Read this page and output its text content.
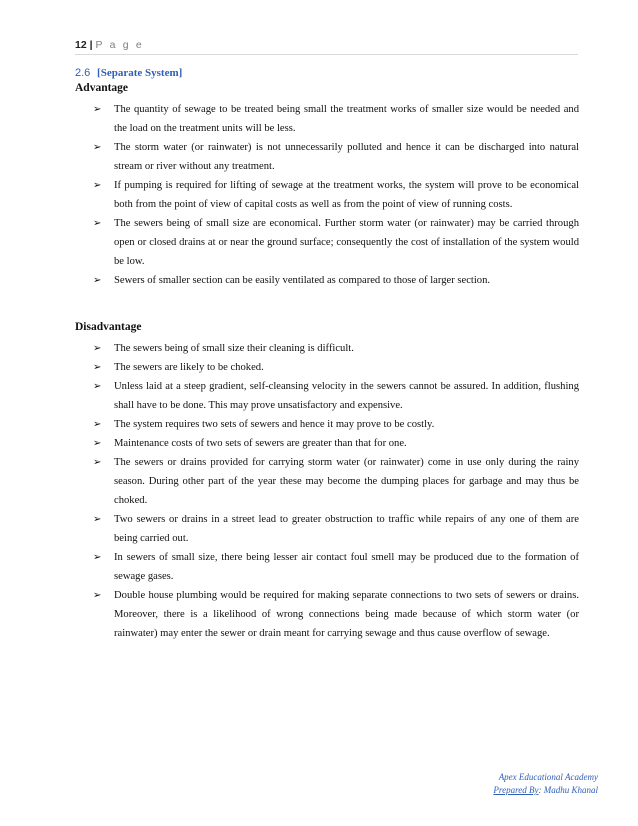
12 | P a g e
2.6 [Separate System]
Advantage
➢ The quantity of sewage to be treated being small the treatment works of smaller size would be needed and the load on the treatment units will be less.
➢ The storm water (or rainwater) is not unnecessarily polluted and hence it can be discharged into natural stream or river without any treatment.
➢ If pumping is required for lifting of sewage at the treatment works, the system will prove to be economical both from the point of view of capital costs as well as from the point of view of running costs.
➢ The sewers being of small size are economical. Further storm water (or rainwater) may be carried through open or closed drains at or near the ground surface; consequently the cost of installation of the system would be low.
➢ Sewers of smaller section can be easily ventilated as compared to those of larger section.
Disadvantage
➢ The sewers being of small size their cleaning is difficult.
➢ The sewers are likely to be choked.
➢ Unless laid at a steep gradient, self-cleansing velocity in the sewers cannot be assured. In addition, flushing shall have to be done. This may prove unsatisfactory and expensive.
➢ The system requires two sets of sewers and hence it may prove to be costly.
➢ Maintenance costs of two sets of sewers are greater than that for one.
➢ The sewers or drains provided for carrying storm water (or rainwater) come in use only during the rainy season. During other part of the year these may become the dumping places for garbage and may thus be choked.
➢ Two sewers or drains in a street lead to greater obstruction to traffic while repairs of any one of them are being carried out.
➢ In sewers of small size, there being lesser air contact foul smell may be produced due to the formation of sewage gases.
➢ Double house plumbing would be required for making separate connections to two sets of sewers or drains. Moreover, there is a likelihood of wrong connections being made because of which storm water (or rainwater) may enter the sewer or drain meant for carrying sewage and thus cause overflow of sewage.
Apex Educational Academy
Prepared By: Madhu Khanal
